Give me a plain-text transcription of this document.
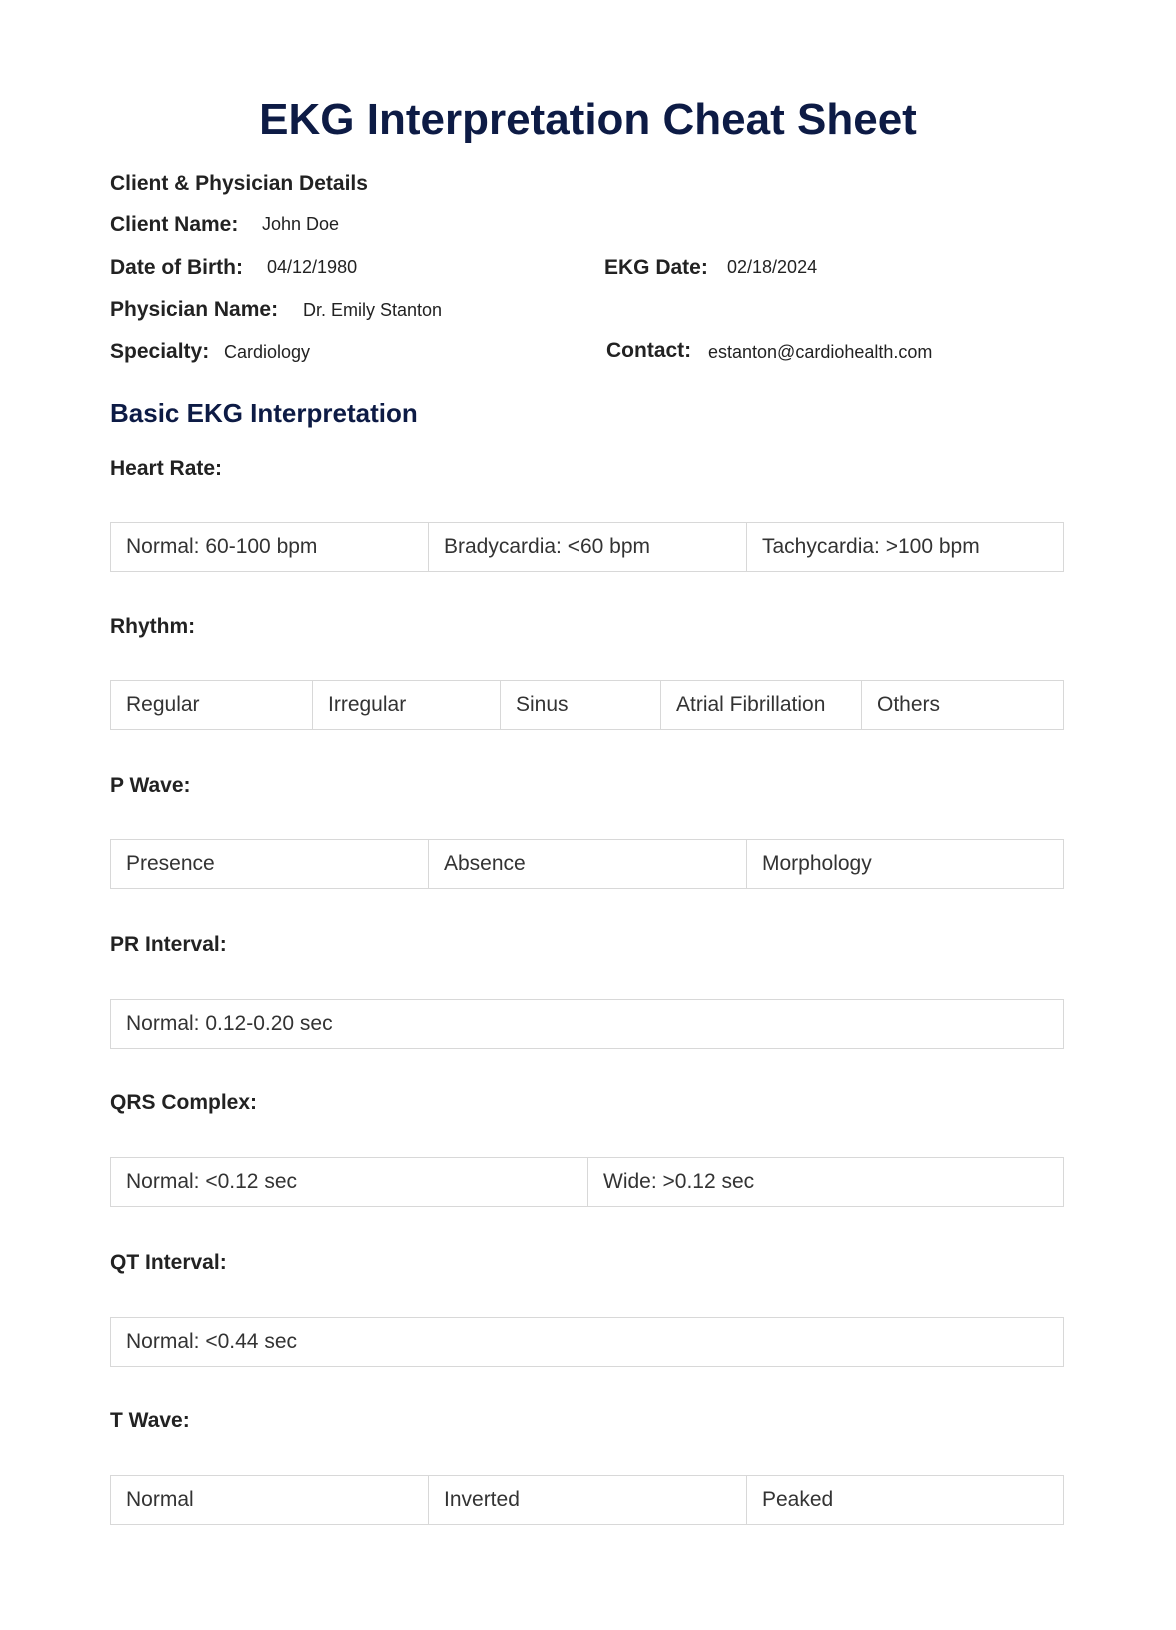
EKG Interpretation Cheat Sheet
Client & Physician Details
Client Name: John Doe
Date of Birth: 04/12/1980	EKG Date: 02/18/2024
Physician Name: Dr. Emily Stanton
Specialty: Cardiology	Contact: estanton@cardiohealth.com
Basic EKG Interpretation
Heart Rate:
Normal: 60-100 bpm	Bradycardia: <60 bpm	Tachycardia: >100 bpm
Rhythm:
Regular	Irregular	Sinus	Atrial Fibrillation	Others
P Wave:
Presence	Absence	Morphology
PR Interval:
Normal: 0.12-0.20 sec
QRS Complex:
Normal: <0.12 sec	Wide: >0.12 sec
QT Interval:
Normal: <0.44 sec
T Wave:
Normal	Inverted	Peaked
